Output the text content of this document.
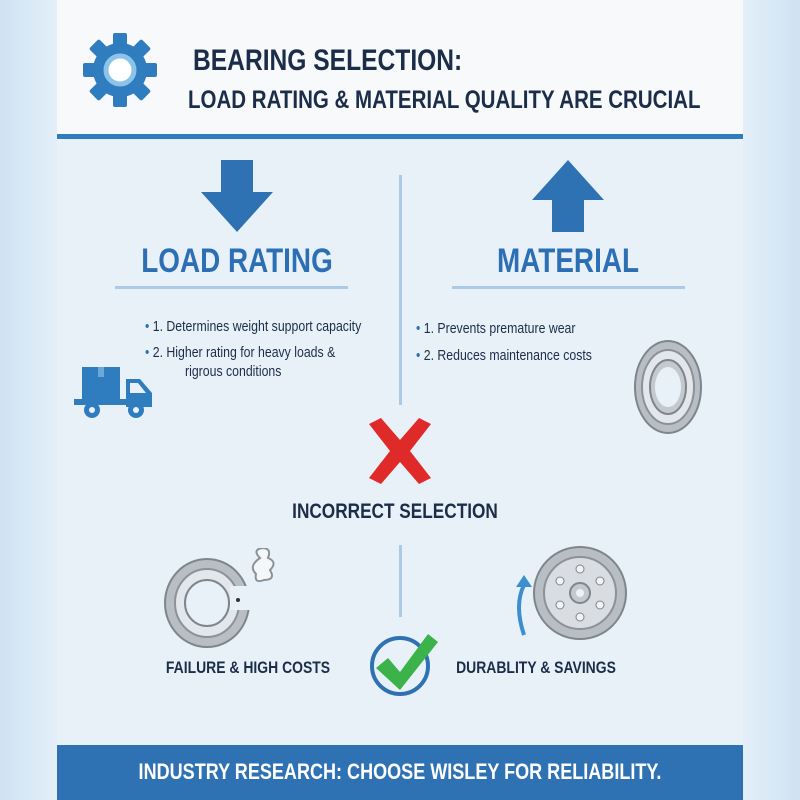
BEARING SELECTION:
LOAD RATING & MATERIAL QUALITY ARE CRUCIAL
LOAD RATING	MATERIAL
• 1. Determines weight support capacity
• 2. Higher rating for heavy loads &
rigrous conditions
• 1. Prevents premature wear
• 2. Reduces maintenance costs
INCORRECT SELECTION
FAILURE & HIGH COSTS	DURABLITY & SAVINGS
INDUSTRY RESEARCH: CHOOSE WISLEY FOR RELIABILITY.
